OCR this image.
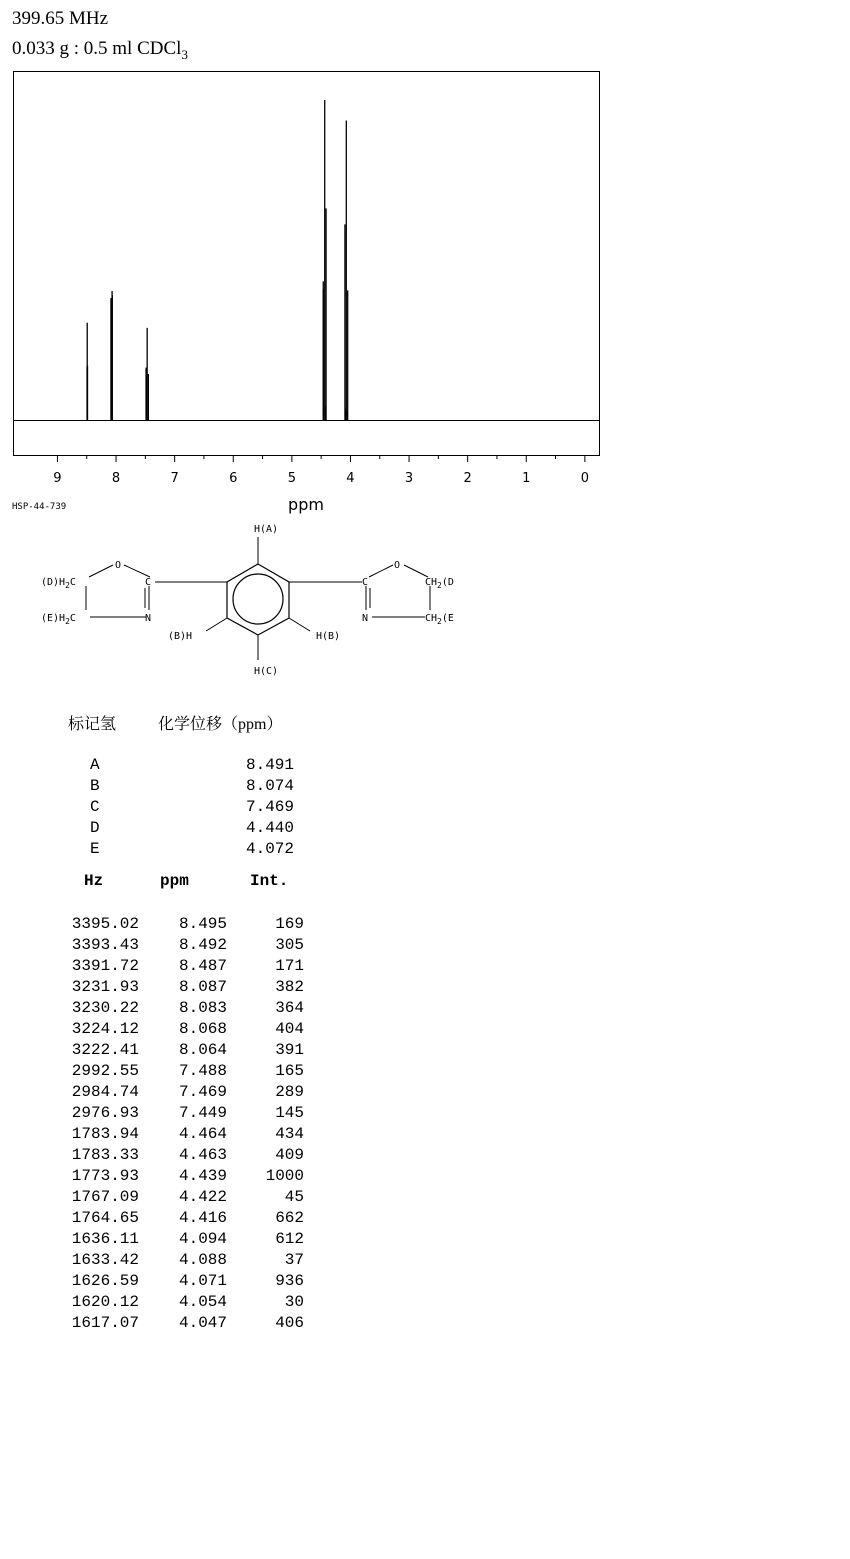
399.65 MHz
0.033 g : 0.5 ml CDCl$_3$
9	8	7	6	5	4	3	2	1	0
ppm
HSP-44-739
H(A)
H(C)
(B)H	H(B)
O
C
N
$(D)H_2C$
$(E)H_2C$
O
C
N
$CH_2(D$
$CH_2(E$
标记氢	化学位移（ppm）
A	8.491
B	8.074
C	7.469
D	4.440
E	4.072
Hz	ppm	Int.
3395.02 8.495	169
3393.43 8.492	305
3391.72 8.487	171
3231.93 8.087	382
3230.22 8.083	364
3224.12 8.068	404
3222.41 8.064	391
2992.55 7.488	165
2984.74 7.469	289
2976.93 7.449	145
1783.94 4.464	434
1783.33 4.463	409
1773.93 4.439 1000
1767.09 4.422	45
1764.65 4.416	662
1636.11 4.094	612
1633.42 4.088	37
1626.59 4.071	936
1620.12 4.054	30
1617.07 4.047	406
